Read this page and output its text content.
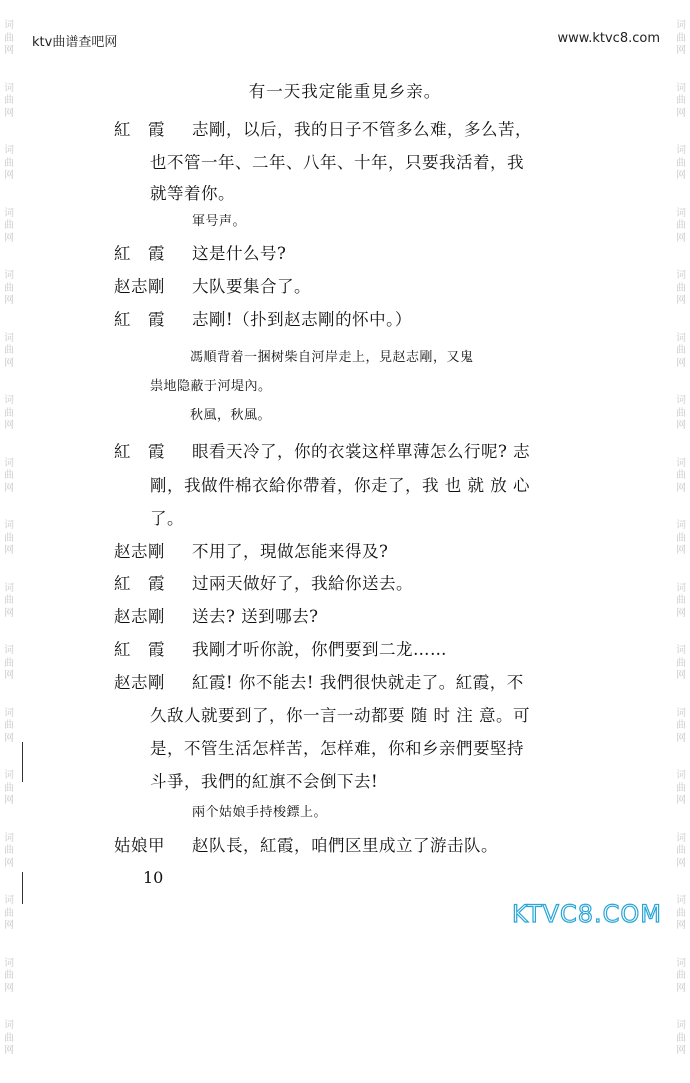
ktv曲谱查吧网	www.ktvc8.com
词
曲
网

词
曲
网

词
曲
网

词
曲
网

词
曲
网

词
曲
网

词
曲
网

词
曲
网

词
曲
网

词
曲
网

词
曲
网

词
曲
网

词
曲
网

词
曲
网

词
曲
网

词
曲
网

词
曲
网

词
曲
网

词
曲
网

词
曲
网

词
曲
网

词
曲
网

词
曲
网

词
曲
网

词
曲
网

词
曲
网

词
曲
网

词
曲
网

词
曲
网

词
曲
网

词
曲
网

词
曲
网

词
曲
网

词
曲
网

有一天我定能重見乡亲。
紅　霞 志剛，以后，我的日子不管多么难，多么苦，
也不管一年、二年、八年、十年，只要我活着，我
就等着你。
軍号声。
紅　霞 这是什么号?
赵志剛 大队要集合了。
紅　霞 志剛!（扑到赵志剛的怀中。）
馮順背着一捆树柴自河岸走上，見赵志剛，又鬼
祟地隐蔽于河堤內。
秋風，秋風。
紅　霞 眼看天冷了，你的衣裳这样單薄怎么行呢? 志
剛，我做件棉衣給你帶着，你走了，我 也 就 放 心
了。
赵志剛 不用了，現做怎能来得及?
紅　霞 过兩天做好了，我給你送去。
赵志剛 送去? 送到哪去?
紅　霞 我剛才听你說，你們要到二龙……
赵志剛 紅霞! 你不能去! 我們很快就走了。紅霞，不
久敌人就要到了，你一言一动都要 随 时 注 意。可
是，不管生活怎样苦，怎样难，你和乡亲們要堅持
斗爭，我們的紅旗不会倒下去!
兩个姑娘手持梭鏢上。
姑娘甲 赵队長，紅霞，咱們区里成立了游击队。
10
KTVC8.COM
